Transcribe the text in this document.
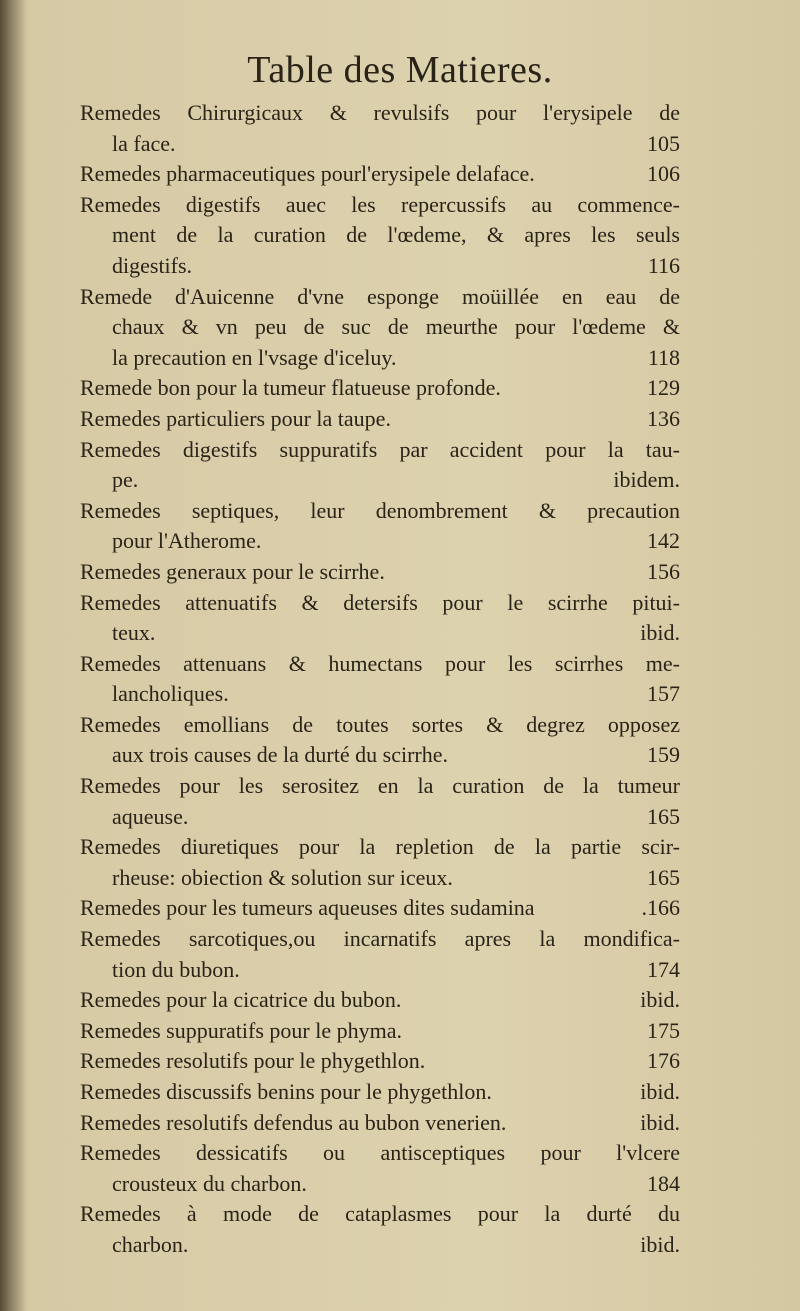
Table des Matieres.
Remedes Chirurgicaux & revulsifs pour l'erysipele de
la face.	105
Remedes pharmaceutiques pourl'erysipele delaface.	106
Remedes digestifs auec les repercussifs au commence-
ment de la curation de l'œdeme, & apres les seuls
digestifs.	116
Remede d'Auicenne d'vne esponge moüillée en eau de
chaux & vn peu de suc de meurthe pour l'œdeme &
la precaution en l'vsage d'iceluy.	118
Remede bon pour la tumeur flatueuse profonde.	129
Remedes particuliers pour la taupe.	136
Remedes digestifs suppuratifs par accident pour la tau-
pe.	ibidem.
Remedes septiques, leur denombrement & precaution
pour l'Atherome.	142
Remedes generaux pour le scirrhe.	156
Remedes attenuatifs & detersifs pour le scirrhe pitui-
teux.	ibid.
Remedes attenuans & humectans pour les scirrhes me-
lancholiques.	157
Remedes emollians de toutes sortes & degrez opposez
aux trois causes de la durté du scirrhe.	159
Remedes pour les serositez en la curation de la tumeur
aqueuse.	165
Remedes diuretiques pour la repletion de la partie scir-
rheuse: obiection & solution sur iceux.	165
Remedes pour les tumeurs aqueuses dites sudamina	.166
Remedes sarcotiques,ou incarnatifs apres la mondifica-
tion du bubon.	174
Remedes pour la cicatrice du bubon.	ibid.
Remedes suppuratifs pour le phyma.	175
Remedes resolutifs pour le phygethlon.	176
Remedes discussifs benins pour le phygethlon.	ibid.
Remedes resolutifs defendus au bubon venerien.	ibid.
Remedes dessicatifs ou antisceptiques pour l'vlcere
crousteux du charbon.	184
Remedes à mode de cataplasmes pour la durté du
charbon.	ibid.
